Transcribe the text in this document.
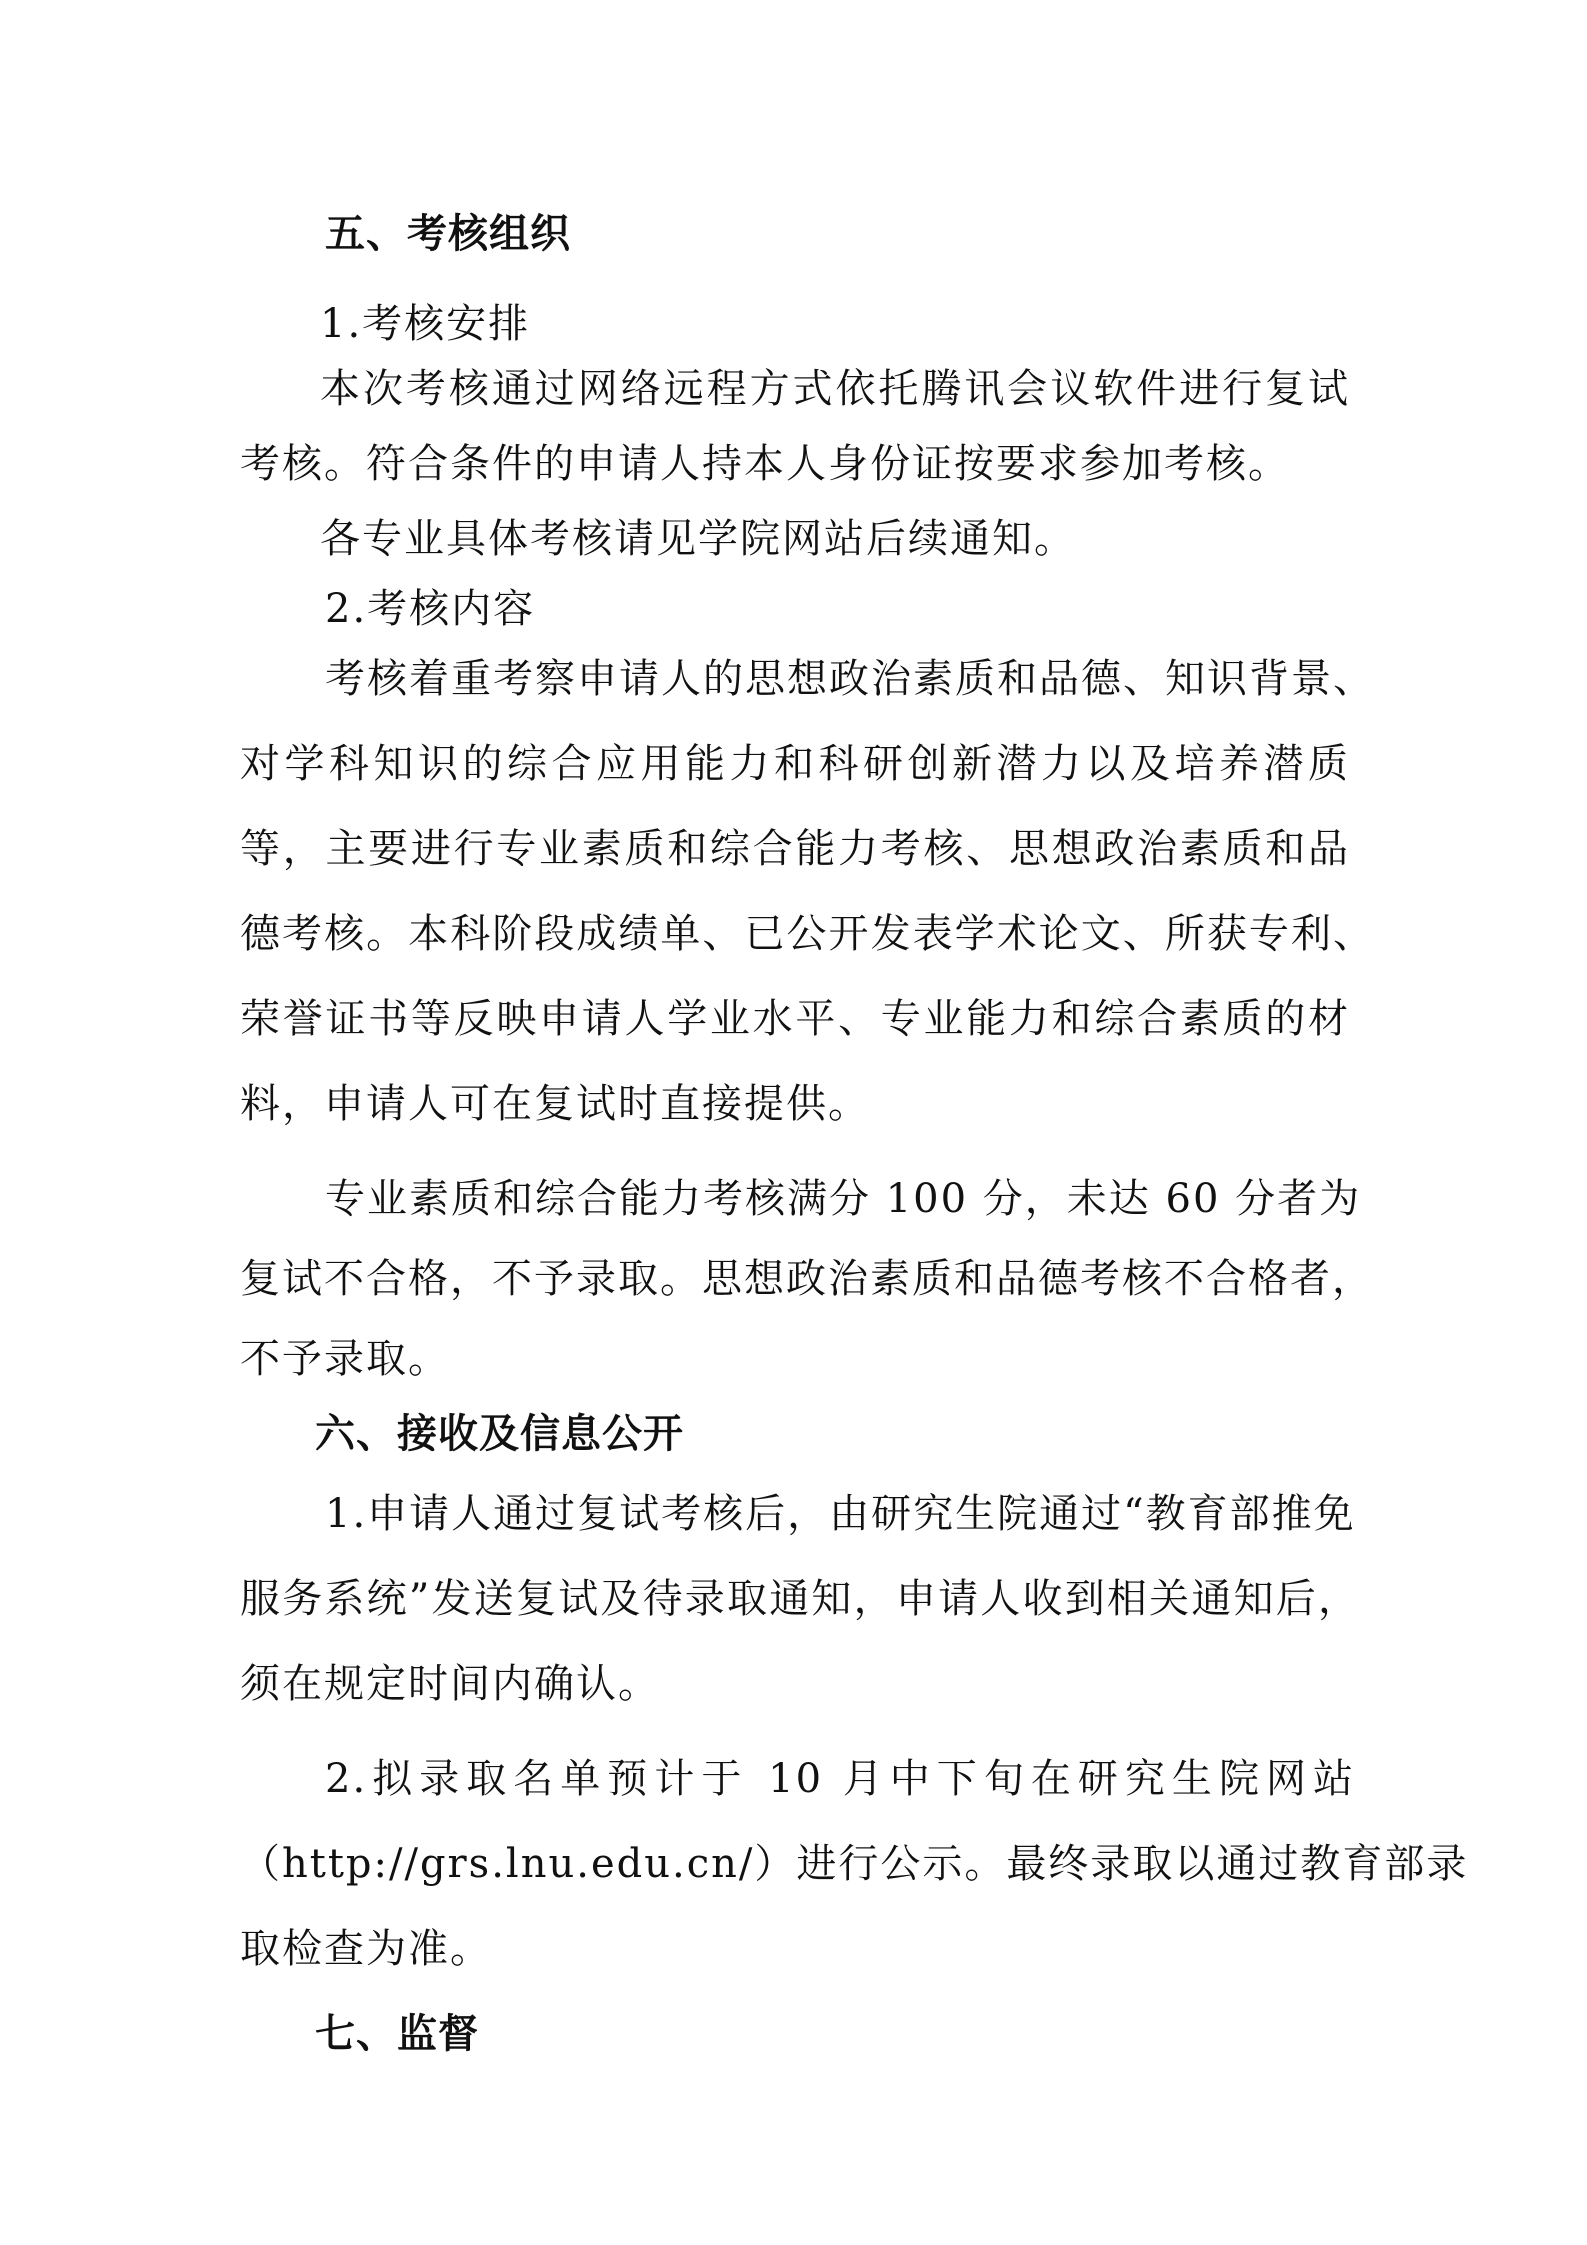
五、考核组织
1.考核安排
本次考核通过网络远程方式依托腾讯会议软件进行复试
考核。符合条件的申请人持本人身份证按要求参加考核。
各专业具体考核请见学院网站后续通知。
2.考核内容
考核着重考察申请人的思想政治素质和品德、知识背景、
对学科知识的综合应用能力和科研创新潜力以及培养潜质
等，主要进行专业素质和综合能力考核、思想政治素质和品
德考核。本科阶段成绩单、已公开发表学术论文、所获专利、
荣誉证书等反映申请人学业水平、专业能力和综合素质的材
料，申请人可在复试时直接提供。
专业素质和综合能力考核满分 100 分，未达 60 分者为
复试不合格，不予录取。思想政治素质和品德考核不合格者，
不予录取。
六、接收及信息公开
1.申请人通过复试考核后，由研究生院通过“教育部推免
服务系统”发送复试及待录取通知，申请人收到相关通知后，
须在规定时间内确认。
2.拟录取名单预计于 10 月中下旬在研究生院网站
（http://grs.lnu.edu.cn/）进行公示。最终录取以通过教育部录
取检查为准。
七、监督
